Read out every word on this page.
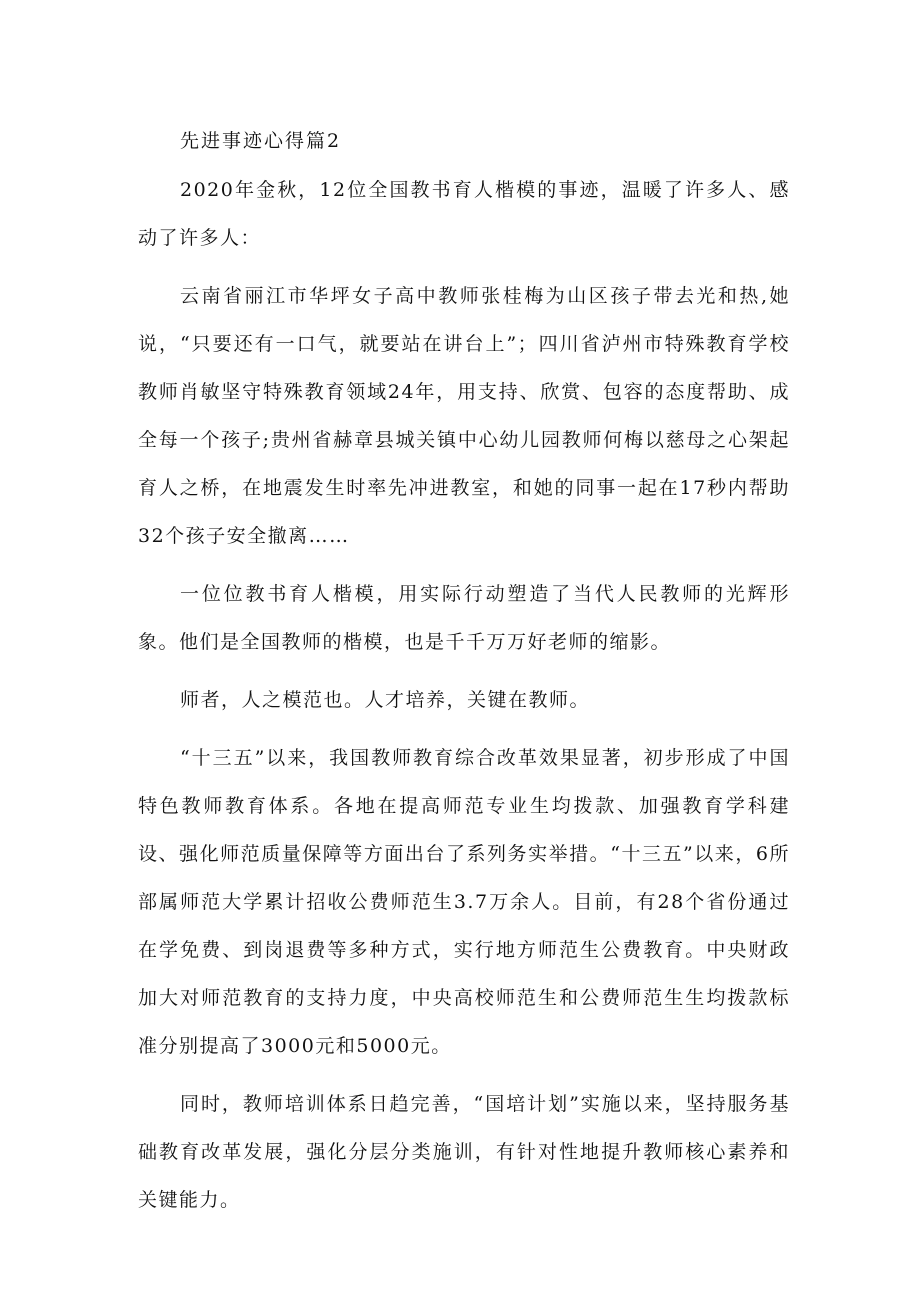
先进事迹心得篇2

2020年金秋，12位全国教书育人楷模的事迹，温暖了许多人、感动了许多人：

云南省丽江市华坪女子高中教师张桂梅为山区孩子带去光和热,她说，“只要还有一口气，就要站在讲台上”；四川省泸州市特殊教育学校教师肖敏坚守特殊教育领域24年，用支持、欣赏、包容的态度帮助、成全每一个孩子;贵州省赫章县城关镇中心幼儿园教师何梅以慈母之心架起育人之桥，在地震发生时率先冲进教室，和她的同事一起在17秒内帮助32个孩子安全撤离……

一位位教书育人楷模，用实际行动塑造了当代人民教师的光辉形象。他们是全国教师的楷模，也是千千万万好老师的缩影。

师者，人之模范也。人才培养，关键在教师。

“十三五”以来，我国教师教育综合改革效果显著，初步形成了中国特色教师教育体系。各地在提高师范专业生均拨款、加强教育学科建设、强化师范质量保障等方面出台了系列务实举措。“十三五”以来，6所部属师范大学累计招收公费师范生3.7万余人。目前，有28个省份通过在学免费、到岗退费等多种方式，实行地方师范生公费教育。中央财政加大对师范教育的支持力度，中央高校师范生和公费师范生生均拨款标准分别提高了3000元和5000元。

同时，教师培训体系日趋完善，“国培计划”实施以来，坚持服务基础教育改革发展，强化分层分类施训，有针对性地提升教师核心素养和关键能力。
